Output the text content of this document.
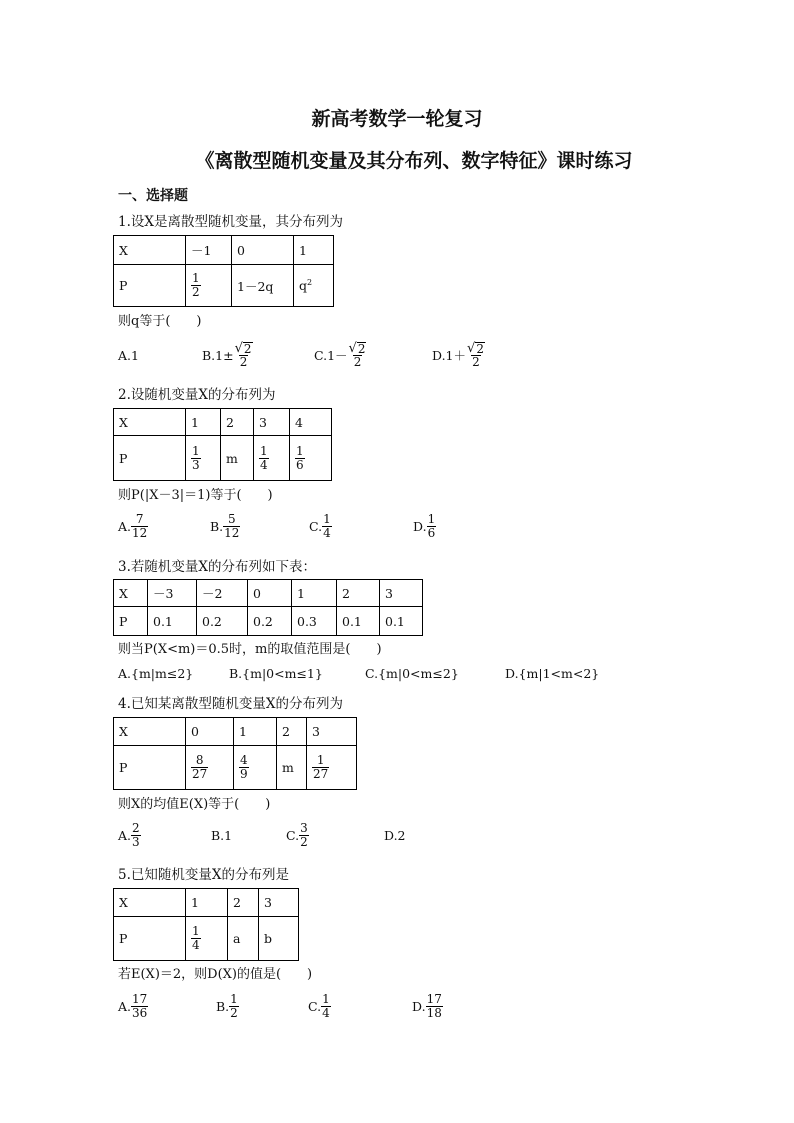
新高考数学一轮复习
《离散型随机变量及其分布列、数字特征》课时练习
一、选择题
1.设X是离散型随机变量，其分布列为
X	－1	0	1
P	$\frac{1}{2}$	1－2q	$q^2$
则q等于(　　)
A.1	$B.1\pm \frac{√ 2}{2}$	$C.1- \frac{√ 2}{2}$	$D.1+ \frac{√ 2}{2}$
2.设随机变量X的分布列为
X	1	2	3	4
P	$\frac{1}{3}$	m	$\frac{1}{4}$	$\frac{1}{6}$
则P(|X－3|＝1)等于(　　)
A. $\frac{7}{12}$	B. $\frac{5}{12}$	C. $\frac{1}{4}$	D. $\frac{1}{6}$
3.若随机变量X的分布列如下表：
X	－3	－2	0	1	2	3
P	0.1	0.2	0.2	0.3	0.1	0.1
则当P(X<m)＝0.5时，m的取值范围是(　　)
A.{m|m≤2}	B.{m|0<m≤1}	C.{m|0<m≤2}	D.{m|1<m<2}
4.已知某离散型随机变量X的分布列为
X	0	1	2	3
P	$\frac{8}{27}$	$\frac{4}{9}$	m	$\frac{1}{27}$
则X的均值E(X)等于(　　)
A. $\frac{2}{3}$	B.1	C. $\frac{3}{2}$	D.2
5.已知随机变量X的分布列是
X	1	2	3
P	$\frac{1}{4}$	a	b
若E(X)＝2，则D(X)的值是(　　)
A. $\frac{17}{36}$	B. $\frac{1}{2}$	C. $\frac{1}{4}$	D. $\frac{17}{18}$
